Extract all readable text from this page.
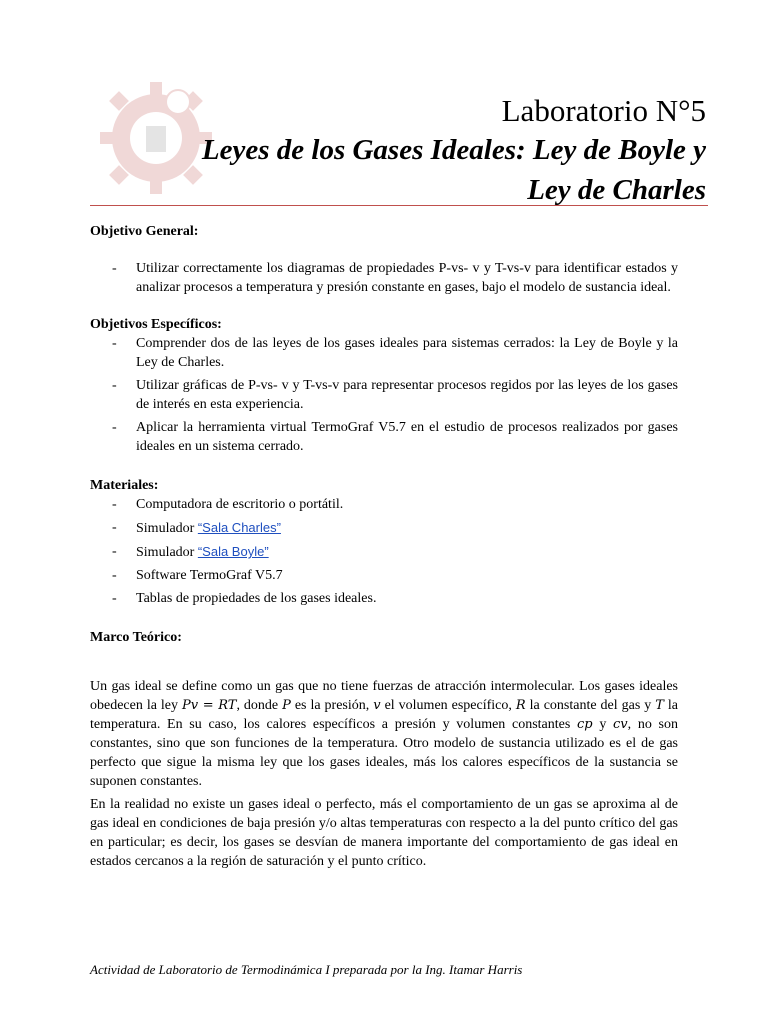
Laboratorio N°5
Leyes de los Gases Ideales: Ley de Boyle y
Ley de Charles
Objetivo General:
- Utilizar correctamente los diagramas de propiedades P-vs- v y T-vs-v para identificar estados y analizar procesos a temperatura y presión constante en gases, bajo el modelo de sustancia ideal.
Objetivos Específicos:
- Comprender dos de las leyes de los gases ideales para sistemas cerrados: la Ley de Boyle y la Ley de Charles.
- Utilizar gráficas de P-vs- v y T-vs-v para representar procesos regidos por las leyes de los gases de interés en esta experiencia.
- Aplicar la herramienta virtual TermoGraf V5.7 en el estudio de procesos realizados por gases ideales en un sistema cerrado.
Materiales:
- Computadora de escritorio o portátil.
- Simulador “Sala Charles”
- Simulador “Sala Boyle”
- Software TermoGraf V5.7
- Tablas de propiedades de los gases ideales.
Marco Teórico:

Un gas ideal se define como un gas que no tiene fuerzas de atracción intermolecular. Los gases ideales obedecen la ley Pv = RT, donde P es la presión, v el volumen específico, R la constante del gas y T la temperatura. En su caso, los calores específicos a presión y volumen constantes cp y cv, no son constantes, sino que son funciones de la temperatura. Otro modelo de sustancia utilizado es el de gas perfecto que sigue la misma ley que los gases ideales, más los calores específicos de la sustancia se suponen constantes.

En la realidad no existe un gases ideal o perfecto, más el comportamiento de un gas se aproxima al de gas ideal en condiciones de baja presión y/o altas temperaturas con respecto a la del punto crítico del gas en particular; es decir, los gases se desvían de manera importante del comportamiento de gas ideal en estados cercanos a la región de saturación y el punto crítico.

Actividad de Laboratorio de Termodinámica I preparada por la Ing. Itamar Harris
